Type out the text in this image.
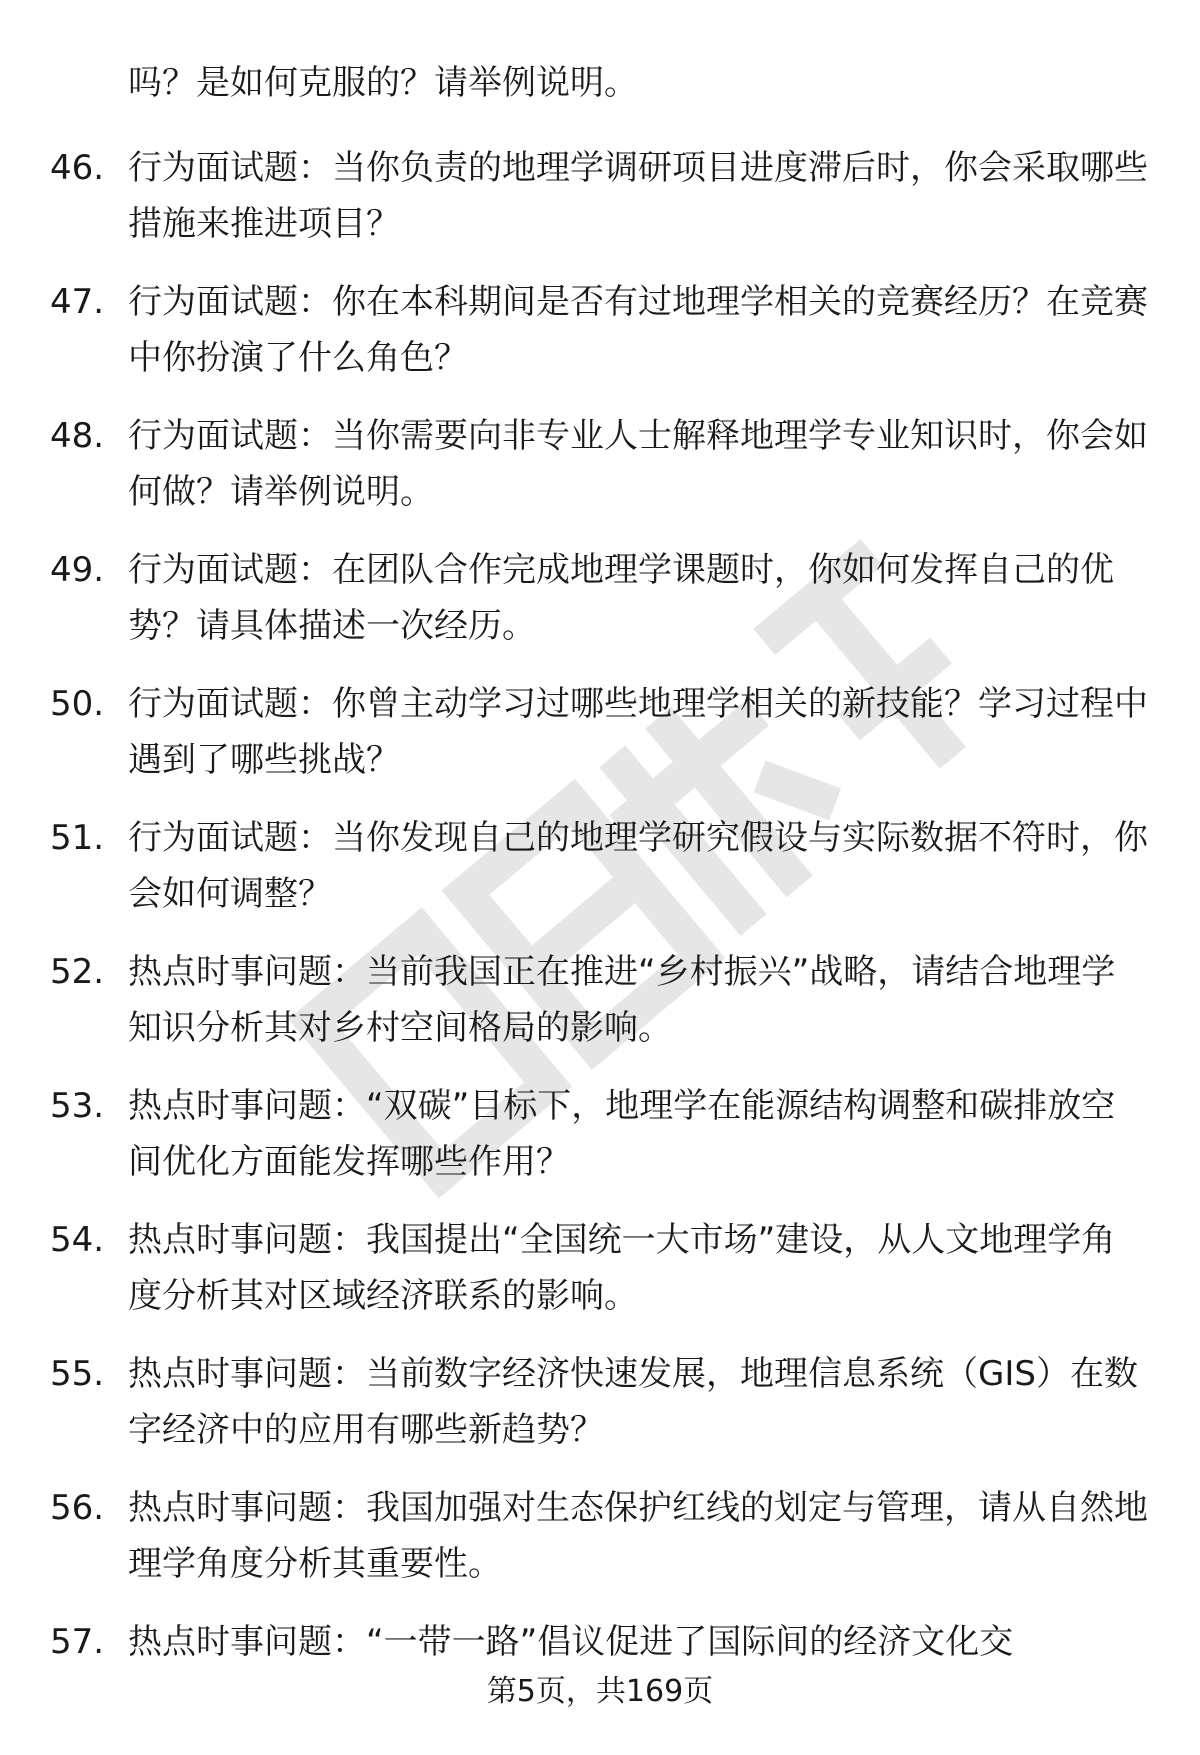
吗？是如何克服的？请举例说明。
46. 行为面试题：当你负责的地理学调研项目进度滞后时，你会采取哪些措施来推进项目？
47. 行为面试题：你在本科期间是否有过地理学相关的竞赛经历？在竞赛中你扮演了什么角色？
48. 行为面试题：当你需要向非专业人士解释地理学专业知识时，你会如何做？请举例说明。
49. 行为面试题：在团队合作完成地理学课题时，你如何发挥自己的优势？请具体描述一次经历。
50. 行为面试题：你曾主动学习过哪些地理学相关的新技能？学习过程中遇到了哪些挑战？
51. 行为面试题：当你发现自己的地理学研究假设与实际数据不符时，你会如何调整？
52. 热点时事问题：当前我国正在推进“乡村振兴”战略，请结合地理学知识分析其对乡村空间格局的影响。
53. 热点时事问题：“双碳”目标下，地理学在能源结构调整和碳排放空间优化方面能发挥哪些作用？
54. 热点时事问题：我国提出“全国统一大市场”建设，从人文地理学角度分析其对区域经济联系的影响。
55. 热点时事问题：当前数字经济快速发展，地理信息系统（GIS）在数字经济中的应用有哪些新趋势？
56. 热点时事问题：我国加强对生态保护红线的划定与管理，请从自然地理学角度分析其重要性。
57. 热点时事问题：“一带一路”倡议促进了国际间的经济文化交
第5页，共169页
